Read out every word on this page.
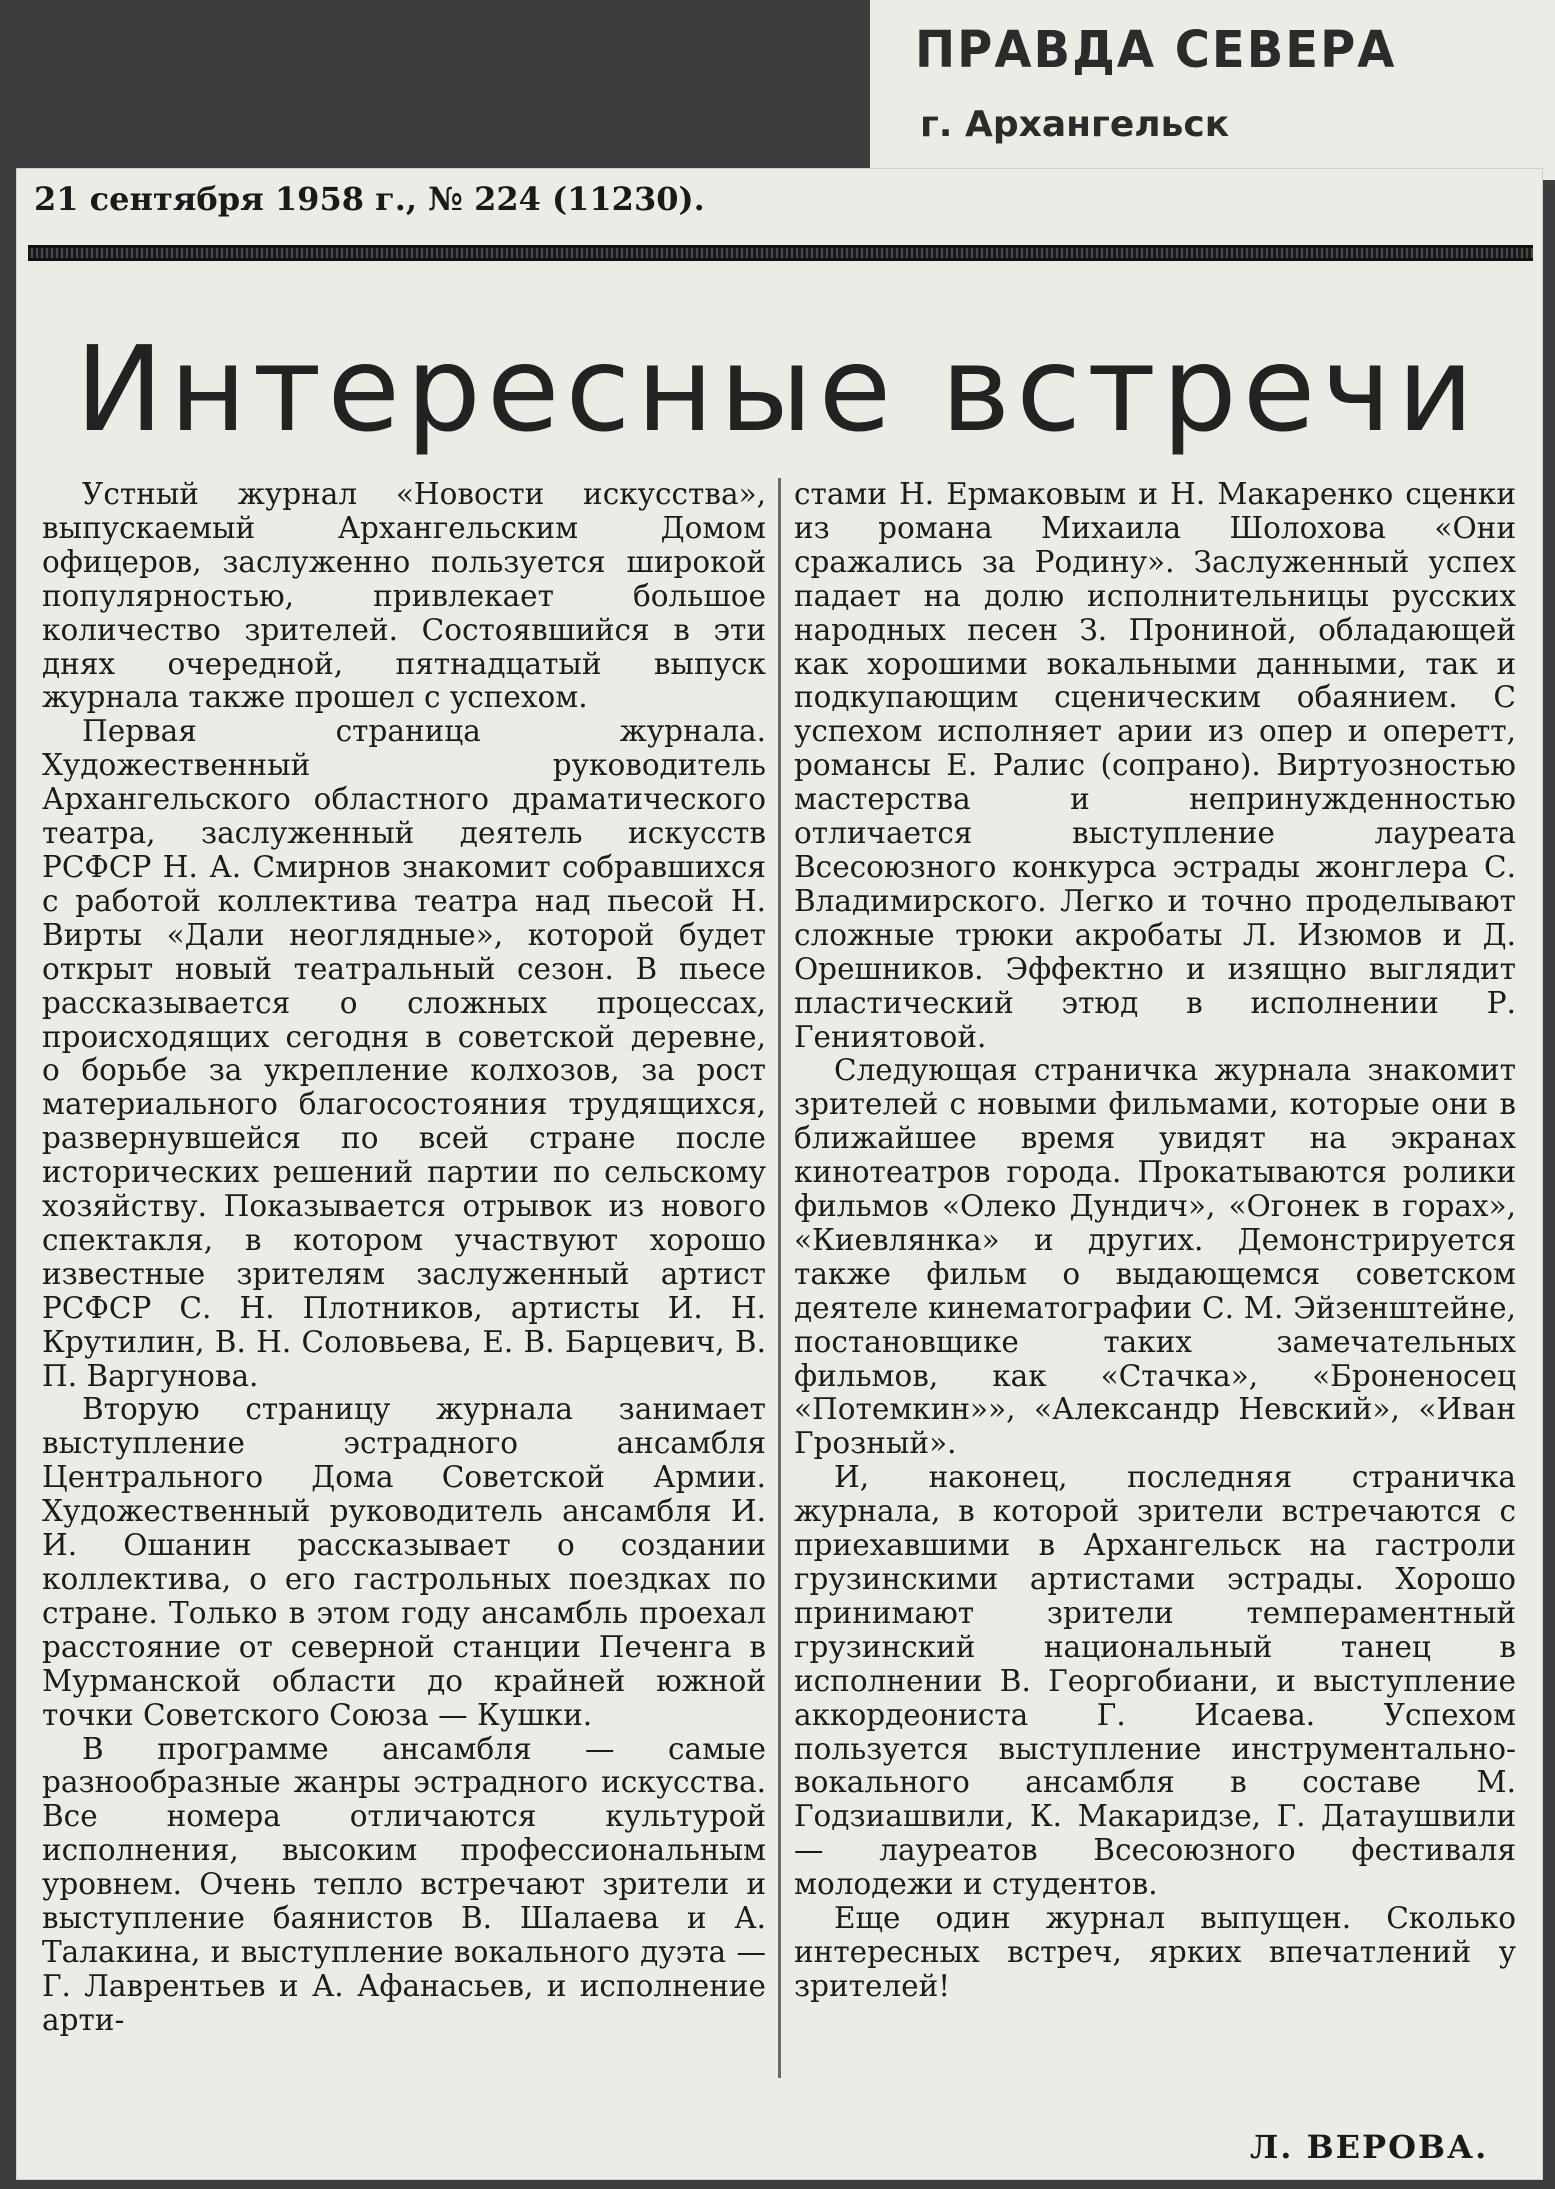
ПРАВДА СЕВЕРА
г. Архангельск
21 сентября 1958 г., № 224 (11230).
Интересные встречи

Устный журнал «Новости искусства», выпускаемый Архангельским Домом офицеров, заслуженно пользуется широкой популярностью, привлекает большое количество зрителей. Состоявшийся в эти днях очередной, пятнадцатый выпуск журнала также прошел с успехом.

Первая страница журнала. Художественный руководитель Архангельского областного драматического театра, заслуженный деятель искусств РСФСР Н. А. Смирнов знакомит собравшихся с работой коллектива театра над пьесой Н. Вирты «Дали неоглядные», которой будет открыт новый театральный сезон. В пьесе рассказывается о сложных процессах, происходящих сегодня в советской деревне, о борьбе за укрепление колхозов, за рост материального благосостояния трудящихся, развернувшейся по всей стране после исторических решений партии по сельскому хозяйству. Показывается отрывок из нового спектакля, в котором участвуют хорошо известные зрителям заслуженный артист РСФСР С. Н. Плотников, артисты И. Н. Крутилин, В. Н. Соловьева, Е. В. Барцевич, В. П. Варгунова.

Вторую страницу журнала занимает выступление эстрадного ансамбля Центрального Дома Советской Армии. Художественный руководитель ансамбля И. И. Ошанин рассказывает о создании коллектива, о его гастрольных поездках по стране. Только в этом году ансамбль проехал расстояние от северной станции Печенга в Мурманской области до крайней южной точки Советского Союза — Кушки.

В программе ансамбля — самые разнообразные жанры эстрадного искусства. Все номера отличаются культурой исполнения, высоким профессиональным уровнем. Очень тепло встречают зрители и выступление баянистов В. Шалаева и А. Талакина, и выступление вокального дуэта — Г. Лаврентьев и А. Афанасьев, и исполнение арти-

стами Н. Ермаковым и Н. Макаренко сценки из романа Михаила Шолохова «Они сражались за Родину». Заслуженный успех падает на долю исполнительницы русских народных песен З. Прониной, обладающей как хорошими вокальными данными, так и подкупающим сценическим обаянием. С успехом исполняет арии из опер и оперетт, романсы Е. Ралис (сопрано). Виртуозностью мастерства и непринужденностью отличается выступление лауреата Всесоюзного конкурса эстрады жонглера С. Владимирского. Легко и точно проделывают сложные трюки акробаты Л. Изюмов и Д. Орешников. Эффектно и изящно выглядит пластический этюд в исполнении Р. Гениятовой.

Следующая страничка журнала знакомит зрителей с новыми фильмами, которые они в ближайшее время увидят на экранах кинотеатров города. Прокатываются ролики фильмов «Олеко Дундич», «Огонек в горах», «Киевлянка» и других. Демонстрируется также фильм о выдающемся советском деятеле кинематографии С. М. Эйзенштейне, постановщике таких замечательных фильмов, как «Стачка», «Броненосец «Потемкин»», «Александр Невский», «Иван Грозный».

И, наконец, последняя страничка журнала, в которой зрители встречаются с приехавшими в Архангельск на гастроли грузинскими артистами эстрады. Хорошо принимают зрители темпераментный грузинский национальный танец в исполнении В. Георгобиани, и выступление аккордеониста Г. Исаева. Успехом пользуется выступление инструментально-вокального ансамбля в составе М. Годзиашвили, К. Макаридзе, Г. Датаушвили — лауреатов Всесоюзного фестиваля молодежи и студентов.

Еще один журнал выпущен. Сколько интересных встреч, ярких впечатлений у зрителей!

Л. ВЕРОВА.
